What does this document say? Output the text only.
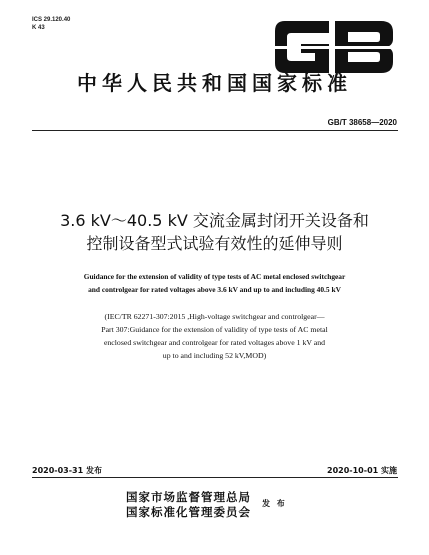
ICS 29.120.40
K 43
中华人民共和国国家标准
GB/T 38658—2020
3.6 kV～40.5 kV 交流金属封闭开关设备和
控制设备型式试验有效性的延伸导则
Guidance for the extension of validity of type tests of AC metal enclosed switchgear
and controlgear for rated voltages above 3.6 kV and up to and including 40.5 kV
(IEC/TR 62271-307:2015 ,High-voltage switchgear and controlgear—
Part 307:Guidance for the extension of validity of type tests of AC metal
enclosed switchgear and controlgear for rated voltages above 1 kV and
up to and including 52 kV,MOD)
2020-03-31 发布	2020-10-01 实施
国家市场监督管理总局
国家标准化管理委员会
发 布
